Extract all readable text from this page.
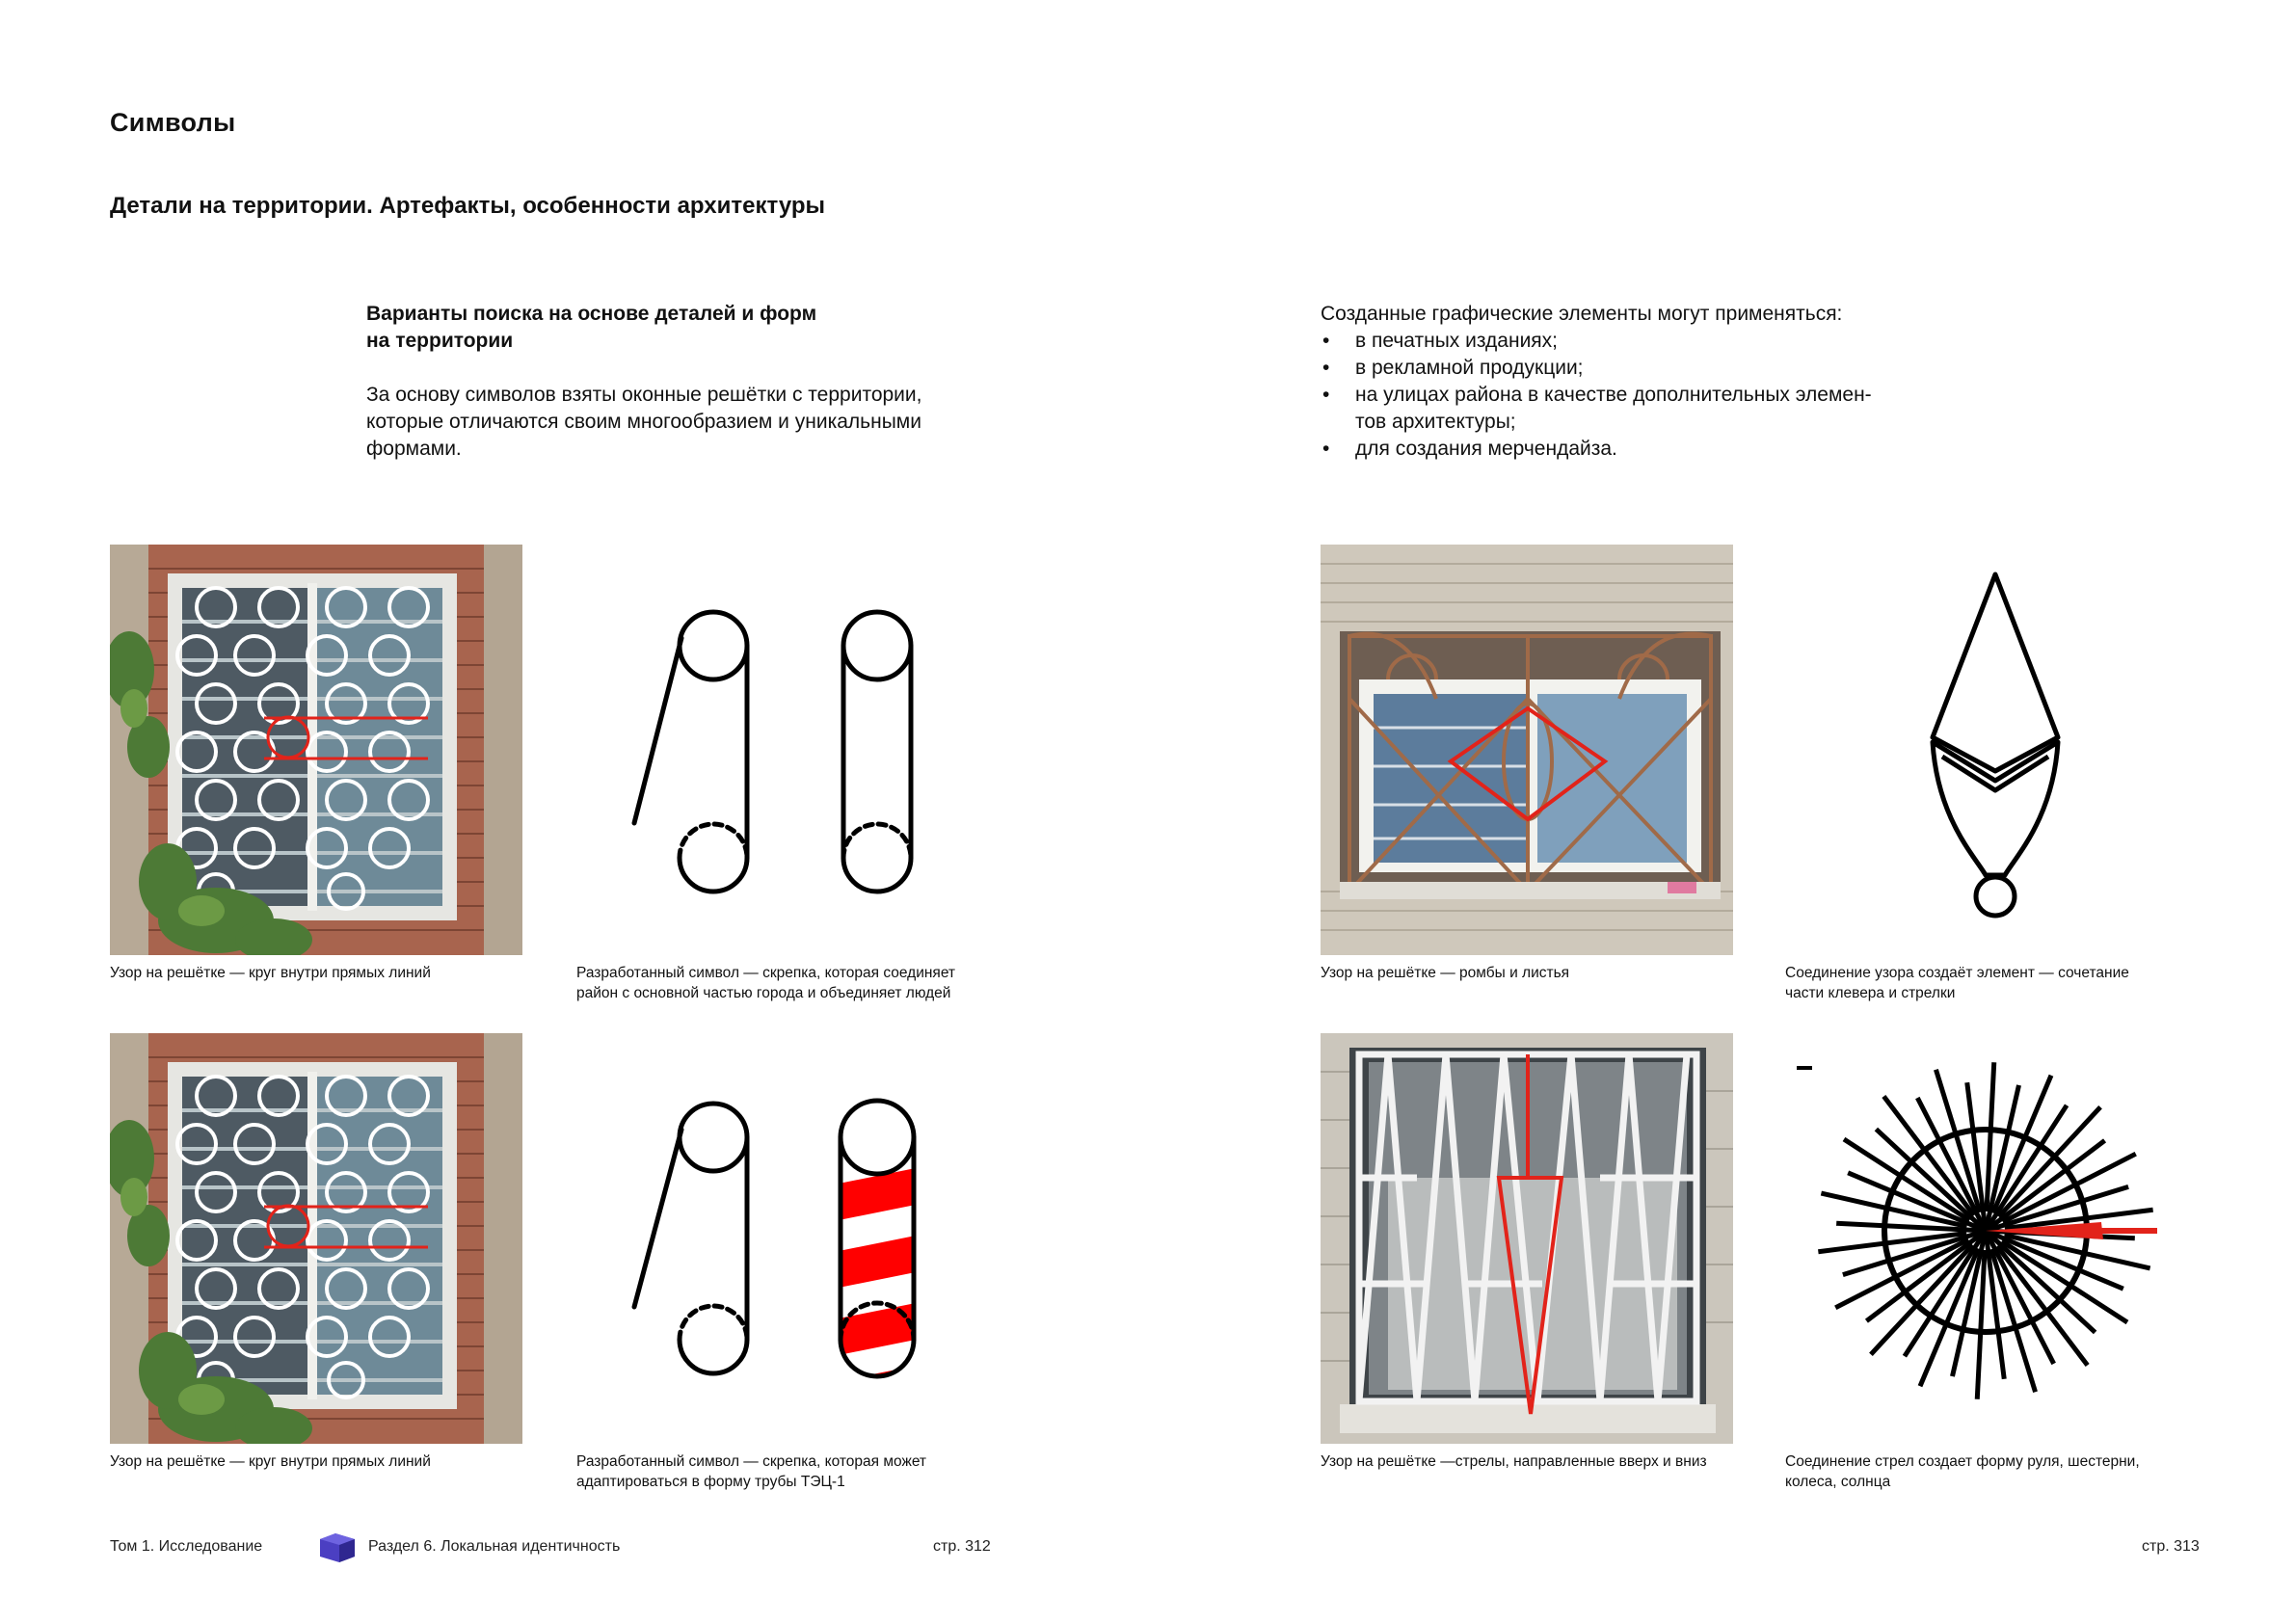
Символы
Детали на территории. Артефакты, особенности архитектуры
Варианты поиска на основе деталей и форм
на территории
За основу символов взяты оконные решётки с территории,
которые отличаются своим многообразием и уникальными
формами.
Созданные графические элементы могут применяться:
• в печатных изданиях;
• в рекламной продукции;
• на улицах района в качестве дополнительных элемен-
тов архитектуры;
• для создания мерчендайза.
Узор на решётке — круг внутри прямых линий	Разработанный символ — скрепка, которая соединяет
район с основной частью города и объединяет людей
Узор на решётке — ромбы и листья	Соединение узора создаёт элемент — сочетание
части клевера и стрелки
Узор на решётке — круг внутри прямых линий	Разработанный символ — скрепка, которая может
адаптироваться в форму трубы ТЭЦ-1
Узор на решётке —стрелы, направленные вверх и вниз	Соединение стрел создает форму руля, шестерни,
колеса, солнца
Том 1. Исследование	Раздел 6. Локальная идентичность	стр. 312	стр. 313
